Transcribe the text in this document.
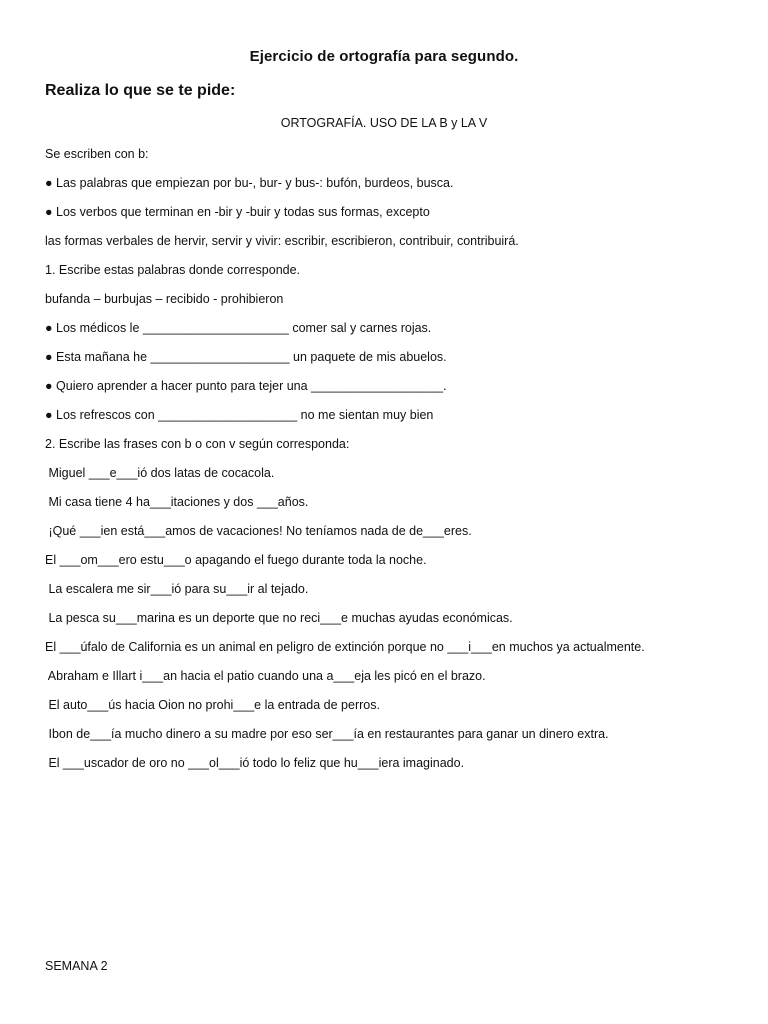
Ejercicio de ortografía para segundo.
Realiza lo que se te pide:
ORTOGRAFÍA. USO DE LA B y LA V
Se escriben con b:
● Las palabras que empiezan por bu-, bur- y bus-: bufón, burdeos, busca.
● Los verbos que terminan en -bir y -buir y todas sus formas, excepto
las formas verbales de hervir, servir y vivir: escribir, escribieron, contribuir, contribuirá.
1. Escribe estas palabras donde corresponde.
bufanda – burbujas – recibido - prohibieron
● Los médicos le _____________________ comer sal y carnes rojas.
● Esta mañana he ____________________ un paquete de mis abuelos.
● Quiero aprender a hacer punto para tejer una ___________________.
● Los refrescos con ____________________ no me sientan muy bien
2. Escribe las frases con b o con v según corresponda:
Miguel ___e___ió dos latas de cocacola.
Mi casa tiene 4 ha___itaciones y dos ___años.
¡Qué ___ien está___amos de vacaciones! No teníamos nada de de___eres.
El ___om___ero estu___o apagando el fuego durante toda la noche.
La escalera me sir___ió para su___ir al tejado.
La pesca su___marina es un deporte que no reci___e muchas ayudas económicas.
El ___úfalo de California es un animal en peligro de extinción porque no ___i___en muchos ya actualmente.
Abraham e Illart i___an hacia el patio cuando una a___eja les picó en el brazo.
El auto___ús hacia Oion no prohi___e la entrada de perros.
Ibon de___ía mucho dinero a su madre por eso ser___ía en restaurantes para ganar un dinero extra.
El ___uscador de oro no ___ol___ió todo lo feliz que hu___iera imaginado.
SEMANA 2
